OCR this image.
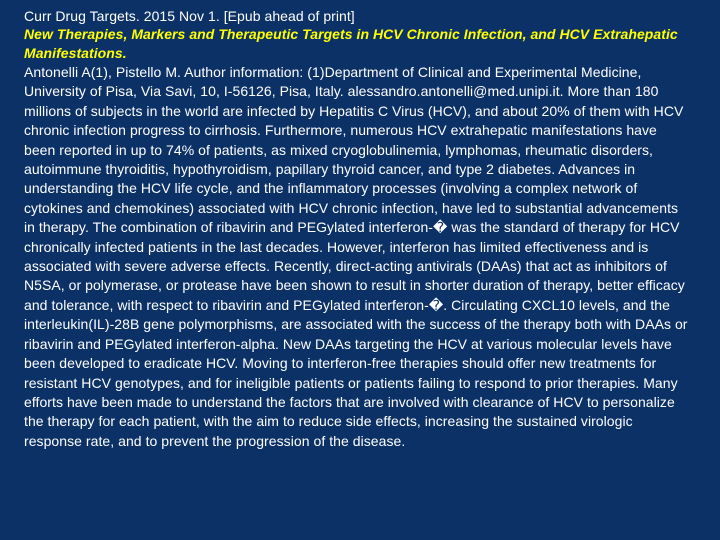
Curr Drug Targets. 2015 Nov 1. [Epub ahead of print]

New Therapies, Markers and Therapeutic Targets in HCV Chronic Infection, and HCV Extrahepatic Manifestations.

Antonelli A(1), Pistello M. Author information: (1)Department of Clinical and Experimental Medicine, University of Pisa, Via Savi, 10, I-56126, Pisa, Italy. alessandro.antonelli@med.unipi.it. More than 180 millions of subjects in the world are infected by Hepatitis C Virus (HCV), and about 20% of them with HCV chronic infection progress to cirrhosis. Furthermore, numerous HCV extrahepatic manifestations have been reported in up to 74% of patients, as mixed cryoglobulinemia, lymphomas, rheumatic disorders, autoimmune thyroiditis, hypothyroidism, papillary thyroid cancer, and type 2 diabetes. Advances in understanding the HCV life cycle, and the inflammatory processes (involving a complex network of cytokines and chemokines) associated with HCV chronic infection, have led to substantial advancements in therapy. The combination of ribavirin and PEGylated interferon-� was the standard of therapy for HCV chronically infected patients in the last decades. However, interferon has limited effectiveness and is associated with severe adverse effects. Recently, direct-acting antivirals (DAAs) that act as inhibitors of N5SA, or polymerase, or protease have been shown to result in shorter duration of therapy, better efficacy and tolerance, with respect to ribavirin and PEGylated interferon-�. Circulating CXCL10 levels, and the interleukin(IL)-28B gene polymorphisms, are associated with the success of the therapy both with DAAs or ribavirin and PEGylated interferon-alpha. New DAAs targeting the HCV at various molecular levels have been developed to eradicate HCV. Moving to interferon-free therapies should offer new treatments for resistant HCV genotypes, and for ineligible patients or patients failing to respond to prior therapies. Many efforts have been made to understand the factors that are involved with clearance of HCV to personalize the therapy for each patient, with the aim to reduce side effects, increasing the sustained virologic response rate, and to prevent the progression of the disease.
